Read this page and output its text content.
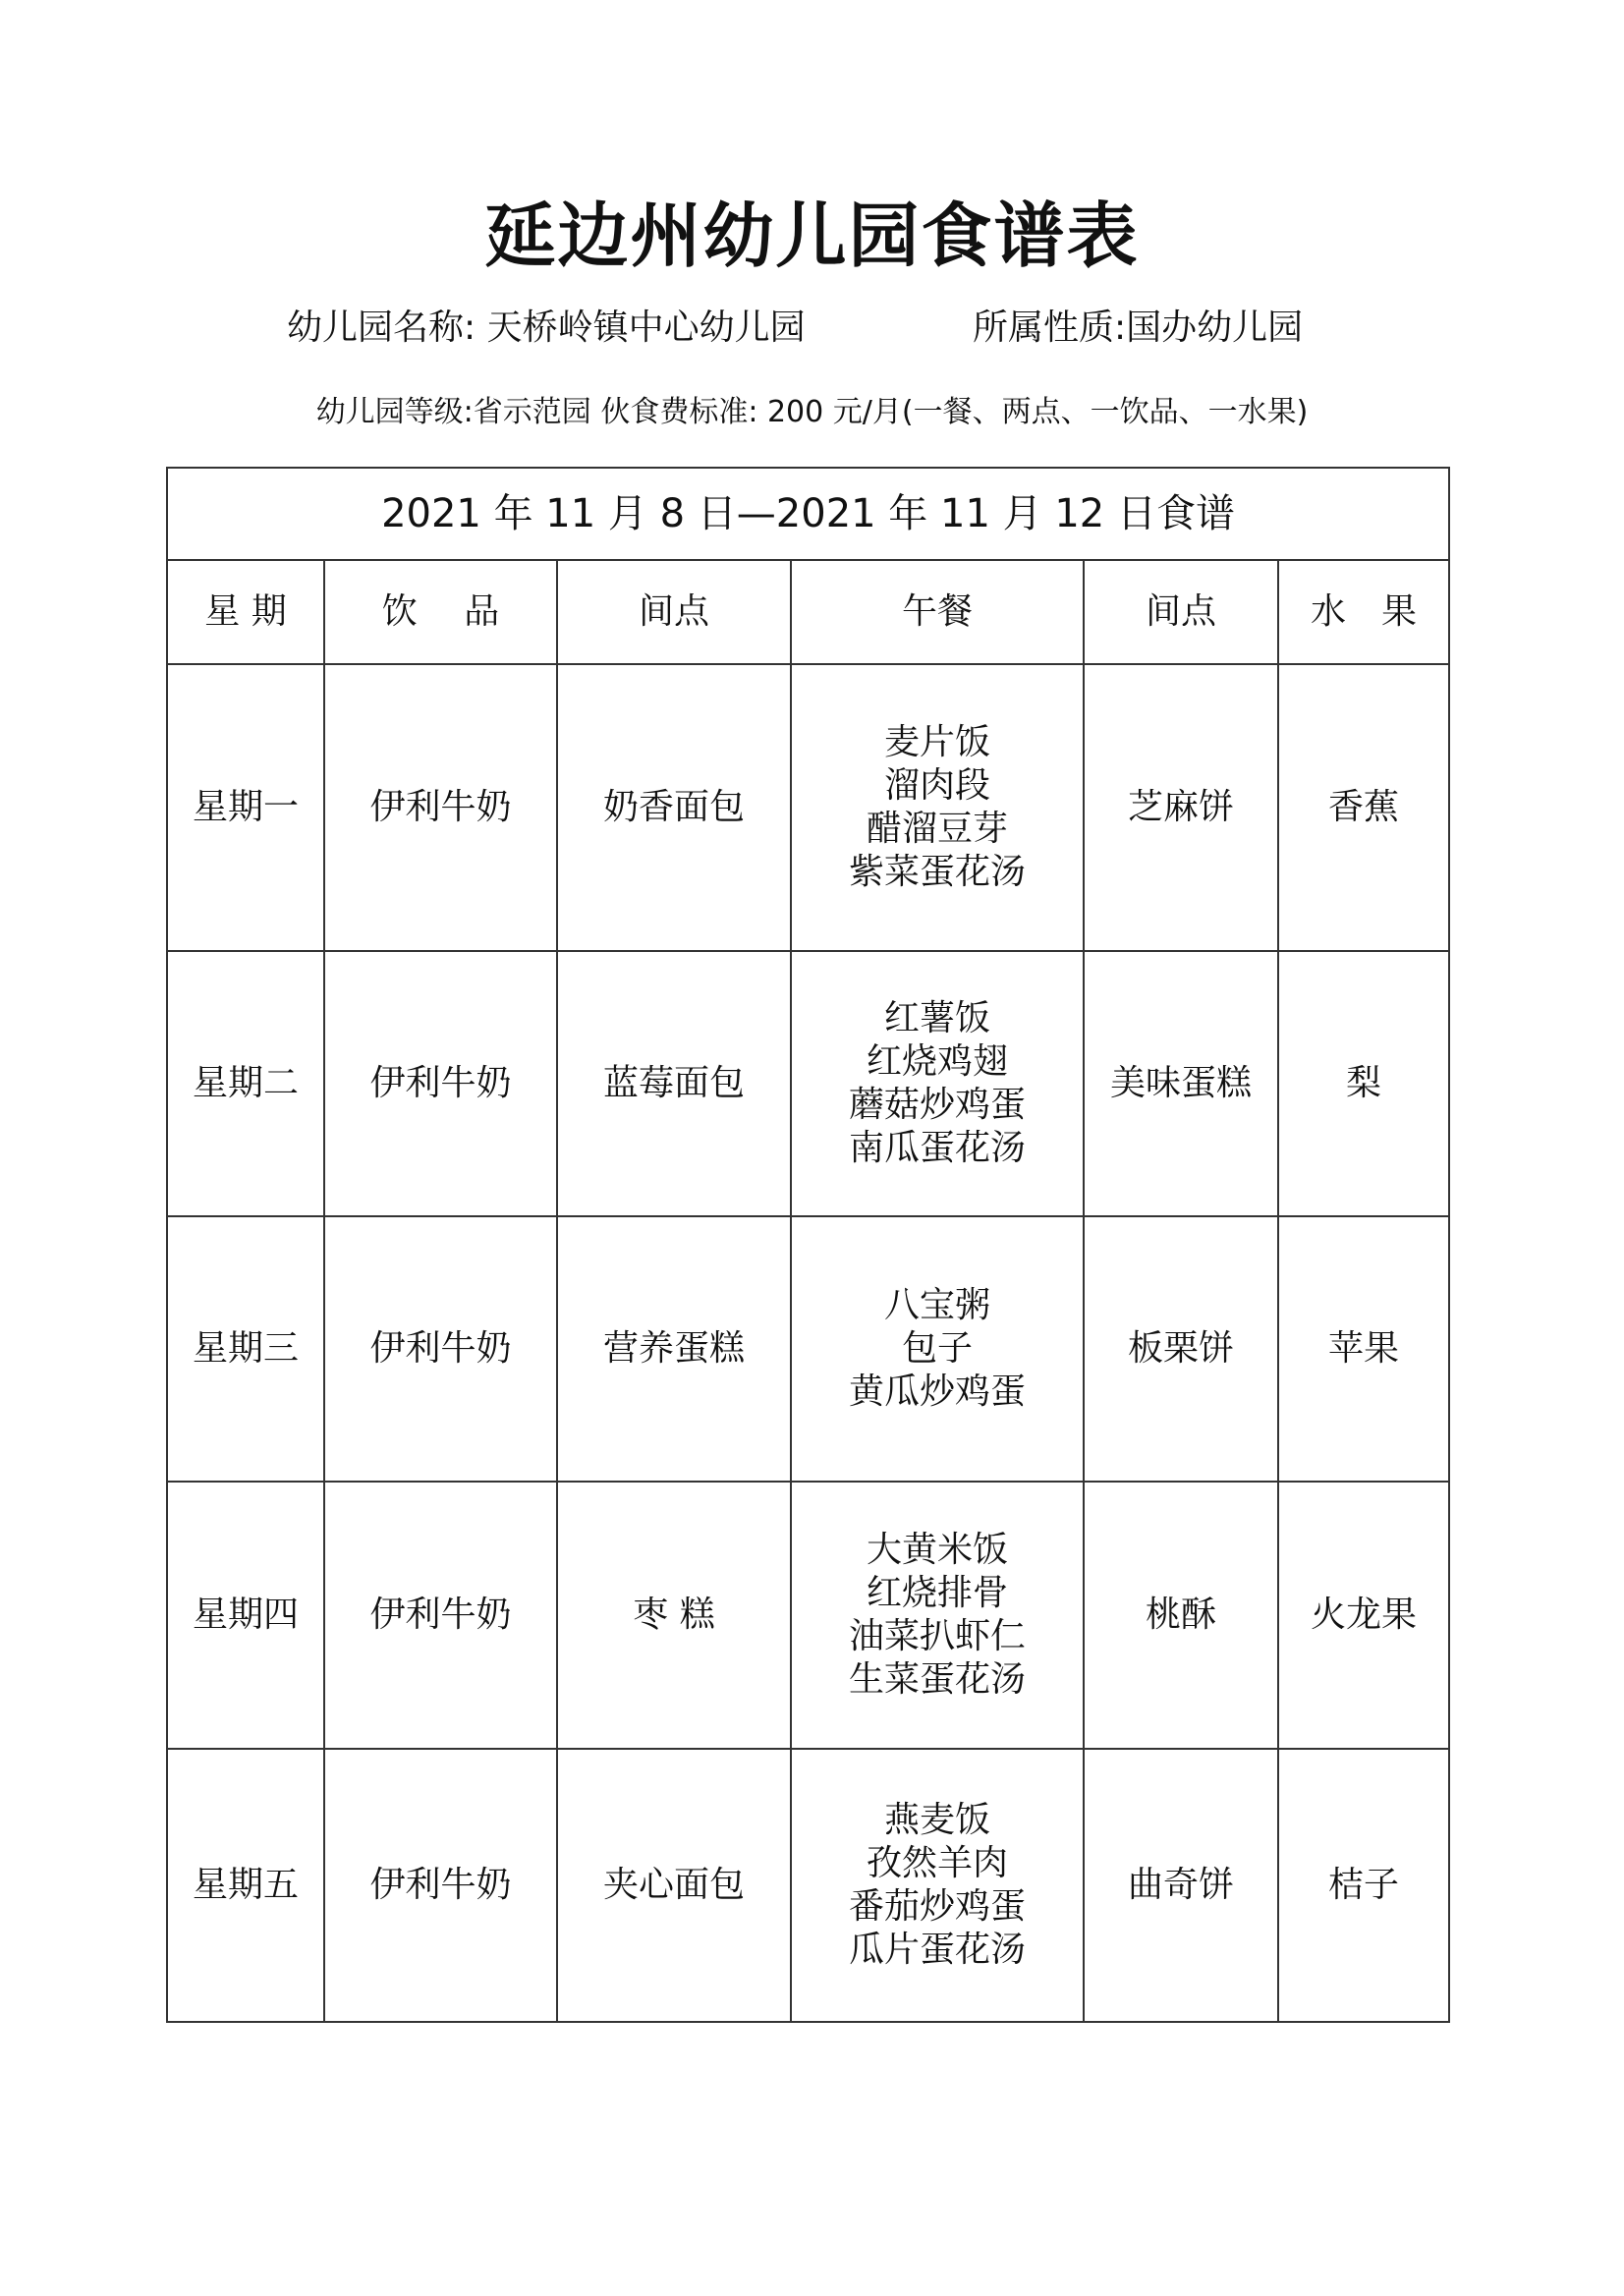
延边州幼儿园食谱表
幼儿园名称: 天桥岭镇中心幼儿园	所属性质:国办幼儿园
幼儿园等级:省示范园 伙食费标准: 200 元/月(一餐、两点、一饮品、一水果)
2021 年 11 月 8 日—2021 年 11 月 12 日食谱					
星 期	饮　 品	间点	午餐	间点	水　果
星期一	伊利牛奶	奶香面包	麦片饭
溜肉段
醋溜豆芽
紫菜蛋花汤	芝麻饼	香蕉
星期二	伊利牛奶	蓝莓面包	红薯饭
红烧鸡翅
蘑菇炒鸡蛋
南瓜蛋花汤	美味蛋糕	梨
星期三	伊利牛奶	营养蛋糕	八宝粥
包子
黄瓜炒鸡蛋	板栗饼	苹果
星期四	伊利牛奶	枣 糕	大黄米饭
红烧排骨
油菜扒虾仁
生菜蛋花汤	桃酥	火龙果
星期五	伊利牛奶	夹心面包	燕麦饭
孜然羊肉
番茄炒鸡蛋
瓜片蛋花汤	曲奇饼	桔子
